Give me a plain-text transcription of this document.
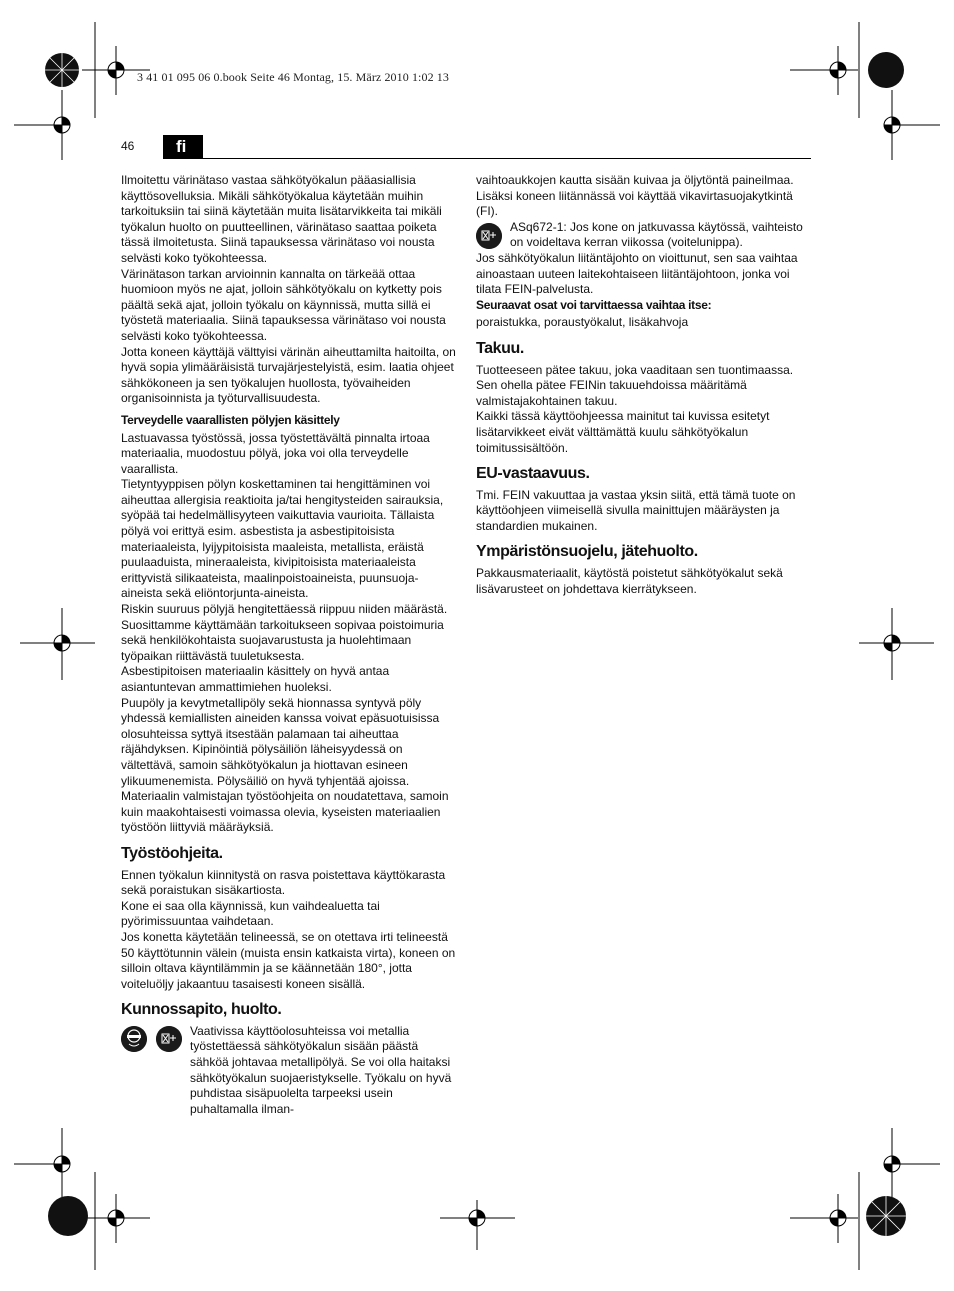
3 41 01 095 06 0.book Seite 46 Montag, 15. März 2010 1:02 13
46	fi

Ilmoitettu värinätaso vastaa sähkötyökalun pääasiallisia käyttösovelluksia. Mikäli sähkötyökalua käytetään muihin tarkoituksiin tai siinä käytetään muita lisätarvikkeita tai mikäli työkalun huolto on puutteellinen, värinätaso saattaa poiketa tässä ilmoitetusta. Siinä tapauksessa värinätaso voi nousta selvästi koko työkohteessa.

Värinätason tarkan arvioinnin kannalta on tärkeää ottaa huomioon myös ne ajat, jolloin sähkötyökalu on kytketty pois päältä sekä ajat, jolloin työkalu on käynnissä, mutta sillä ei työstetä materiaalia. Siinä tapauksessa värinätaso voi nousta selvästi koko työkohteessa.

Jotta koneen käyttäjä välttyisi värinän aiheuttamilta haitoilta, on hyvä sopia ylimääräisistä turvajärjestelyistä, esim. laatia ohjeet sähkökoneen ja sen työkalujen huollosta, työvaiheiden organisoinnista ja työturvallisuudesta.

Terveydelle vaarallisten pölyjen käsittely

Lastuavassa työstössä, jossa työstettävältä pinnalta irtoaa materiaalia, muodostuu pölyä, joka voi olla terveydelle vaarallista.

Tietyntyyppisen pölyn koskettaminen tai hengittäminen voi aiheuttaa allergisia reaktioita ja/tai hengitysteiden sairauksia, syöpää tai hedelmällisyyteen vaikuttavia vaurioita. Tällaista pölyä voi erittyä esim. asbestista ja asbestipitoisista materiaaleista, lyijypitoisista maaleista, metallista, eräistä puulaaduista, mineraaleista, kivipitoisista materiaaleista erittyvistä silikaateista, maalinpoistoaineista, puunsuoja-aineista sekä eliöntorjunta-aineista.

Riskin suuruus pölyjä hengitettäessä riippuu niiden määrästä. Suosittamme käyttämään tarkoitukseen sopivaa poistoimuria sekä henkilökohtaista suojavarustusta ja huolehtimaan työpaikan riittävästä tuuletuksesta.

Asbestipitoisen materiaalin käsittely on hyvä antaa asiantuntevan ammattimiehen huoleksi.

Puupöly ja kevytmetallipöly sekä hionnassa syntyvä pöly yhdessä kemiallisten aineiden kanssa voivat epäsuotuisissa olosuhteissa syttyä itsestään palamaan tai aiheuttaa räjähdyksen. Kipinöintiä pölysäiliön läheisyydessä on vältettävä, samoin sähkötyökalun ja hiottavan esineen ylikuumenemista. Pölysäiliö on hyvä tyhjentää ajoissa.

Materiaalin valmistajan työstöohjeita on noudatettava, samoin kuin maakohtaisesti voimassa olevia, kyseisten materiaalien työstöön liittyviä määräyksiä.

Työstöohjeita.

Ennen työkalun kiinnitystä on rasva poistettava käyttökarasta sekä poraistukan sisäkartiosta.

Kone ei saa olla käynnissä, kun vaihdealuetta tai pyörimissuuntaa vaihdetaan.

Jos konetta käytetään telineessä, se on otettava irti telineestä 50 käyttötunnin välein (muista ensin katkaista virta), koneen on silloin oltava käyntilämmin ja se käännetään 180°, jotta voiteluöljy jakaantuu tasaisesti koneen sisällä.

Kunnossapito, huolto.

Vaativissa käyttöolosuhteissa voi metallia työstettäessä sähkötyökalun sisään päästä sähköä johtavaa metallipölyä. Se voi olla haitaksi sähkötyökalun suojaeristykselle. Työkalu on hyvä puhdistaa sisäpuolelta tarpeeksi usein puhaltamalla ilman-

vaihtoaukkojen kautta sisään kuivaa ja öljytöntä paineilmaa. Lisäksi koneen liitännässä voi käyttää vikavirtasuojakytkintä (FI).

ASq672-1: Jos kone on jatkuvassa käytössä, vaihteisto on voideltava kerran viikossa (voitelunippa).

Jos sähkötyökalun liitäntäjohto on vioittunut, sen saa vaihtaa ainoastaan uuteen laitekohtaiseen liitäntäjohtoon, jonka voi tilata FEIN-palvelusta.

Seuraavat osat voi tarvittaessa vaihtaa itse:

poraistukka, poraustyökalut, lisäkahvoja

Takuu.

Tuotteeseen pätee takuu, joka vaaditaan sen tuontimaassa. Sen ohella pätee FEINin takuuehdoissa määritämä valmistajakohtainen takuu.

Kaikki tässä käyttöohjeessa mainitut tai kuvissa esitetyt lisätarvikkeet eivät välttämättä kuulu sähkötyökalun toimitussisältöön.

EU-vastaavuus.

Tmi. FEIN vakuuttaa ja vastaa yksin siitä, että tämä tuote on käyttöohjeen viimeisellä sivulla mainittujen määräysten ja standardien mukainen.

Ympäristönsuojelu, jätehuolto.

Pakkausmateriaalit, käytöstä poistetut sähkötyökalut sekä lisävarusteet on johdettava kierrätykseen.
